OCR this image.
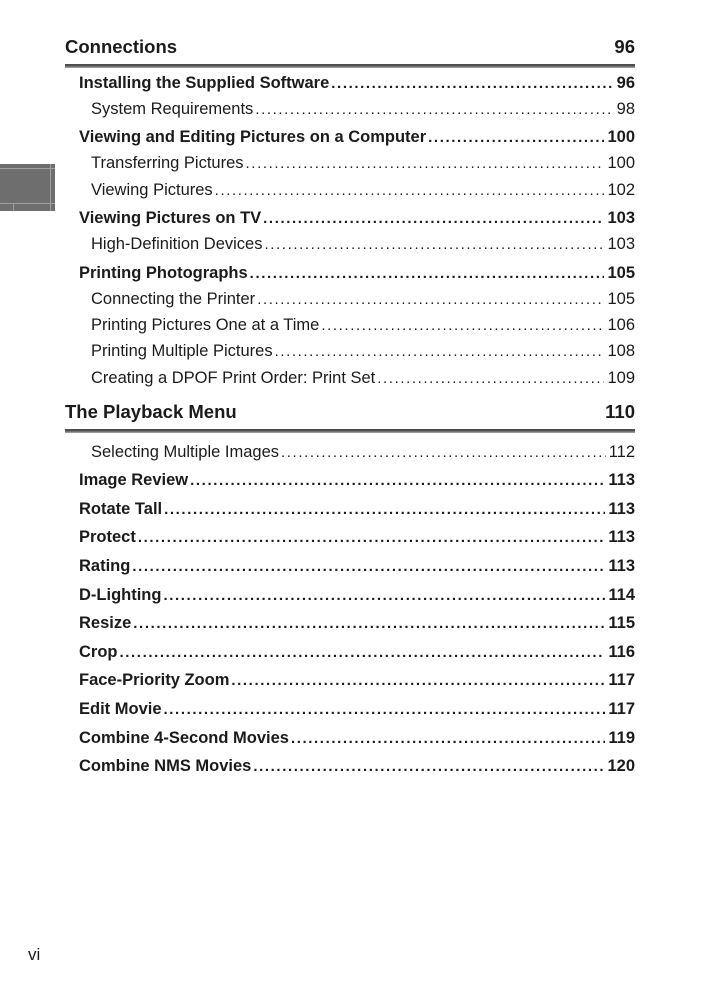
Connections	96
Installing the Supplied Software .....	96
System Requirements .....	98
Viewing and Editing Pictures on a Computer .....	100
Transferring Pictures .....	100
Viewing Pictures .....	102
Viewing Pictures on TV .....	103
High-Definition Devices .....	103
Printing Photographs .....	105
Connecting the Printer .....	105
Printing Pictures One at a Time .....	106
Printing Multiple Pictures .....	108
Creating a DPOF Print Order: Print Set .....	109
The Playback Menu	110
Selecting Multiple Images .....	112
Image Review .....	113
Rotate Tall .....	113
Protect .....	113
Rating .....	113
D-Lighting .....	114
Resize .....	115
Crop .....	116
Face-Priority Zoom .....	117
Edit Movie .....	117
Combine 4-Second Movies .....	119
Combine NMS Movies .....	120
vi
